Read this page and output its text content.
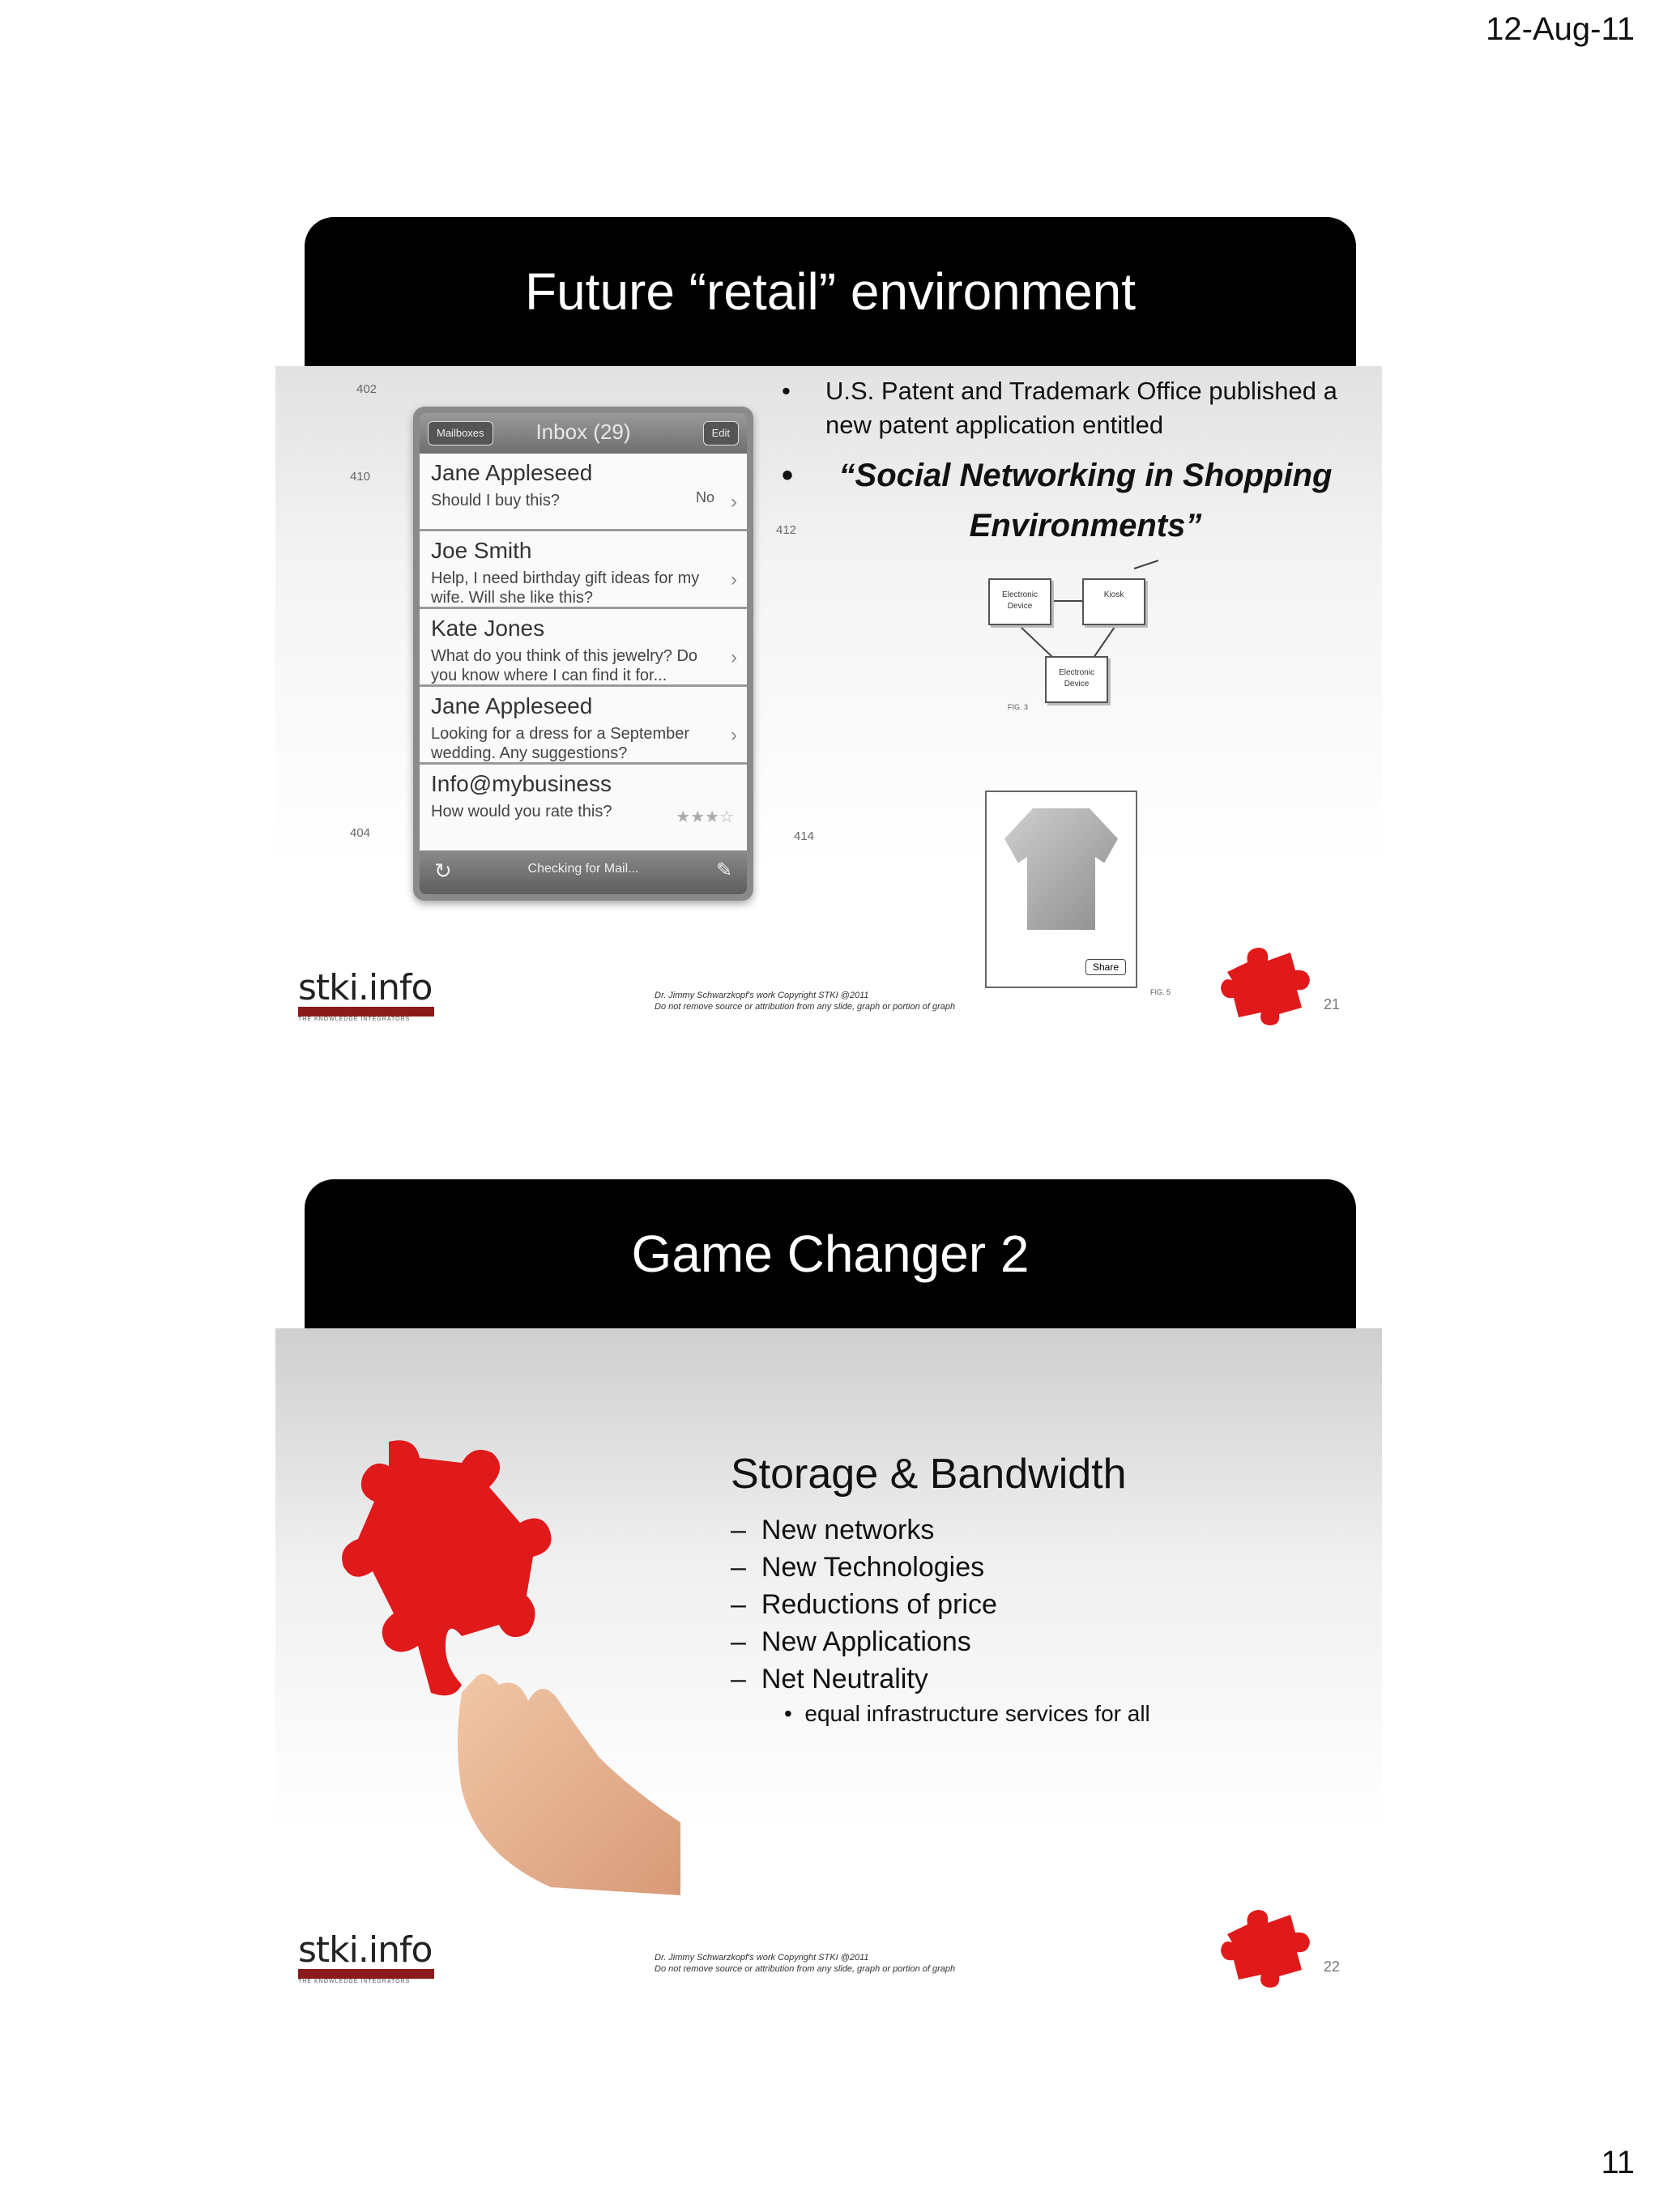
12-Aug-11
Future “retail” environment
402
410
412
404	414
Mailboxes	Inbox (29)	Edit
Jane Appleseed
Should I buy this?	No ›
Joe Smith
Help, I need birthday gift ideas for my wife. Will she like this?
›
Kate Jones
What do you think of this jewelry? Do you know where I can find it for...
›
Jane Appleseed
Looking for a dress for a September wedding. Any suggestions?
›
Info@mybusiness
How would you rate this?	★★★☆
↻	Checking for Mail...	✎
• U.S. Patent and Trademark Office published a new patent application entitled
• “Social Networking in Shopping Environments”
Electronic Device
Kiosk
Electronic Device
FIG. 3
Share
FIG. 5
stki.info
THE KNOWLEDGE INTEGRATORS
Dr. Jimmy Schwarzkopf's work Copyright STKI @2011
Do not remove source or attribution from any slide, graph or portion of graph	21
Game Changer 2
Storage & Bandwidth
–  New networks
–  New Technologies
–  Reductions of price
–  New Applications
–  Net Neutrality
•  equal infrastructure services for all
stki.info
THE KNOWLEDGE INTEGRATORS
Dr. Jimmy Schwarzkopf's work Copyright STKI @2011
Do not remove source or attribution from any slide, graph or portion of graph	22
11
